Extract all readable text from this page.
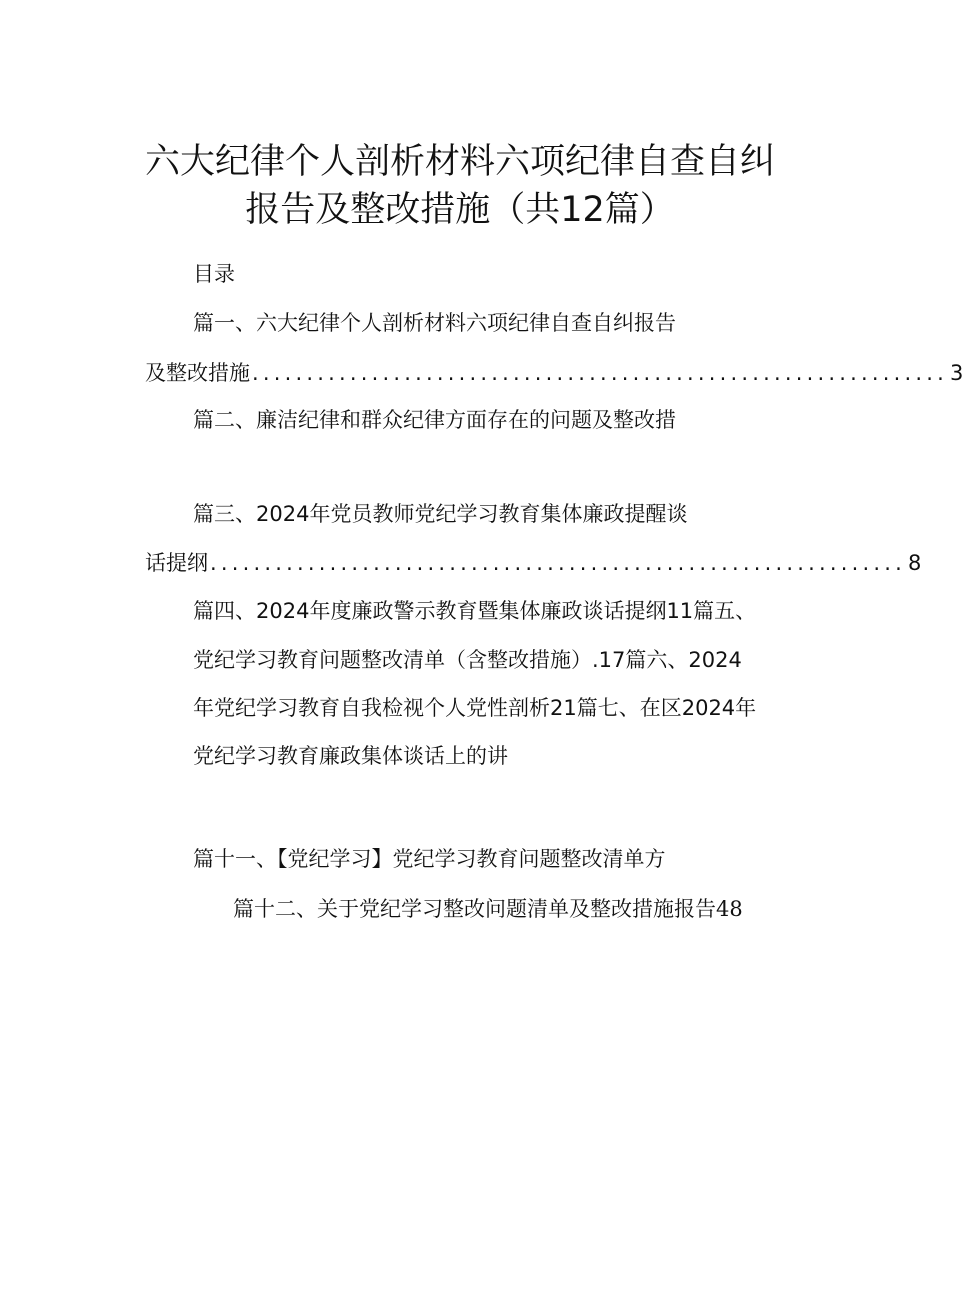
六大纪律个人剖析材料六项纪律自查自纠
报告及整改措施（共12篇）
目录
篇一、六大纪律个人剖析材料六项纪律自查自纠报告
及整改措施 ................................................................ 3
篇二、廉洁纪律和群众纪律方面存在的问题及整改措
篇三、2024年党员教师党纪学习教育集体廉政提醒谈
话提纲 ................................................................ 8
篇四、2024年度廉政警示教育暨集体廉政谈话提纲11篇五、
党纪学习教育问题整改清单（含整改措施）.17篇六、2024
年党纪学习教育自我检视个人党性剖析21篇七、在区2024年
党纪学习教育廉政集体谈话上的讲
篇十一、【党纪学习】党纪学习教育问题整改清单方
篇十二、关于党纪学习整改问题清单及整改措施报告48
